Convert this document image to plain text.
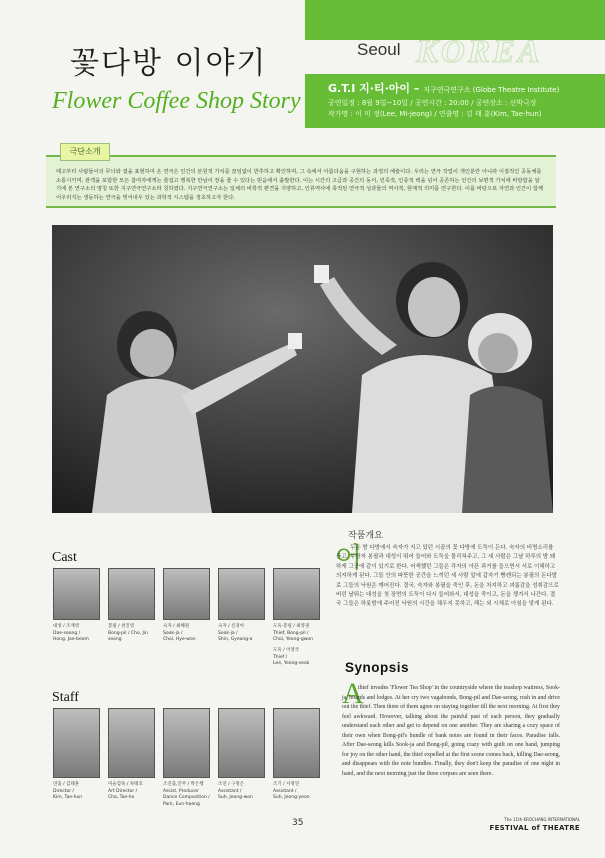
꽃다방 이야기
Flower Coffee Shop Story
Seoul KOREA
G.T.I 지·티·아이 – 지구연극연구소 (Globe Theatre Institute)
공연일정 : 8월 9일~10일 / 공연시간 : 20:00 / 공연장소 : 선박극장
작가명 : 이 미 정(Lee, Mi-jeong) / 연출명 : 김 태 훈(Kim, Tae-hun)
극단소개
태고부터 사람들이의 무늬와 결을 표현하여 온 연극은 인간의 본원적 가치를 끊임없이 반추하고 확인하며, 그 속에서 아름다움을 구현하는 과정의 예술이다. 우리는 연극 작업이 개인분란 아니라 이질적인 공동체를 소통시키며, 관객을 포함한 모든 참여자에게는 즐겁고 행복한 만남이 장을 줄 수 있다는 믿음에서 출발한다. 이는 시간의 고급과 공간의 동서, 민족적, 인종적 벽을 넘어 공존하는 인간의 보편적 가치에 바탕함을 알기에 본 연구소의 명칭 또한 지구연극연구소라 칭하였다. 지구연극연구소는 일체의 비학적 편견을 지양하고, 인류역사에 축적된 연극적 성과물의 역사적, 현재적 의미를 연구한다. 이를 바탕으로 자연과 인간이 함께 어우러지는 생동하는 연극을 빚어내우 있는 과학적 시스템을 정초하고자 한다.
작품개요
어
두운 밤 다방에서 숙자가 지고 있던 시골의 꽃 다방에 도둑이 든다. 숙자의 비명소리를 듣고, 무방자 봉필과 대성이 뛰어 들어와 도둑을 물리쳐주고, 그 세 사람은 그날 하루의 밤 돼하게 그곳에 같이 있기로 한다. 어색했던 그들은 각자의 아픈 과거를 들으면서 서로 이해하고 의지하게 된다. 그들 안의 따뜻한 공간을 느끼던 세 사람 앞에 갑자기 빵캔되는 봉필의 돈다발로 그들의 낙원은 깨어진다. 결국, 숙자와 봉필을 죽인 후, 돈을 차지하고 괴롭감을 성취감으로 버린 날뛰는 대성을 첫 장면의 도둑이 다시 들어와서, 대성을 죽이고, 돈을 챙겨서 나간다. 결국 그들은 하룻밤에 주어진 낙원의 시간을 채우지 못하고, 해는 외 시체로 아침을 맞게 된다.
Cast
대성 / 조재영
Dae-seong /
Hong, Jae-beom
봉필 / 천진영
Bong-pil / Cho, Jin
seong
숙자 / 최혜원
Sook-ja /
Choi, Hye-won
숙자 / 신경아
Sook-ja /
Shin, Gyeong-a
도둑·봉필 / 최영권
Thief, Bong-pil /
Choi, Yeong-gwon
도둑 / 이영국
Thief /
Lee, Yeong-seok
Staff
연출 / 김태훈
Director /
Kim, Tae-hun
미술감독 / 차태호
Art Director /
Cha, Tae-ho
조연출,안무 / 박은행
Assist. Producer
Dance Composition /
Park, Eun-haeng
조연 / 구정은
Assistant /
Suh, Jeong-won
조기 / 서정연
Assistant /
Suh, Jeong-yeon
Synopsis
A
thief invades 'Flower Tea Shop' in the countryside where the teashop waitress, Sook-ja, boards and lodges. At her cry two vagabonds, Bong-pil and Dae-seong, rush in and drive out the thief. Then three of them agree on staying together till the next morning. At first they feel awkward. However, talking about the painful past of each person, they gradually understand each other and get to depend on one another. They are sharing a cozy space of their own when Bong-pil's bundle of bank notes are found in their faces. Paradise falls. After Dae-seong kills Sook-ja and Bong-pil, going crazy with guilt on one hand, jumping for joy on the other hand, the thief expelled at the first scene comes back, killing Dae-seong, and disappears with the note bundles. Finally, they don't keep the paradise of one night in hand, and the next morning just the three corpses are seen there.
35	The 11th KROCHANG INTERNATIONAL
FESTIVAL of THEATRE
